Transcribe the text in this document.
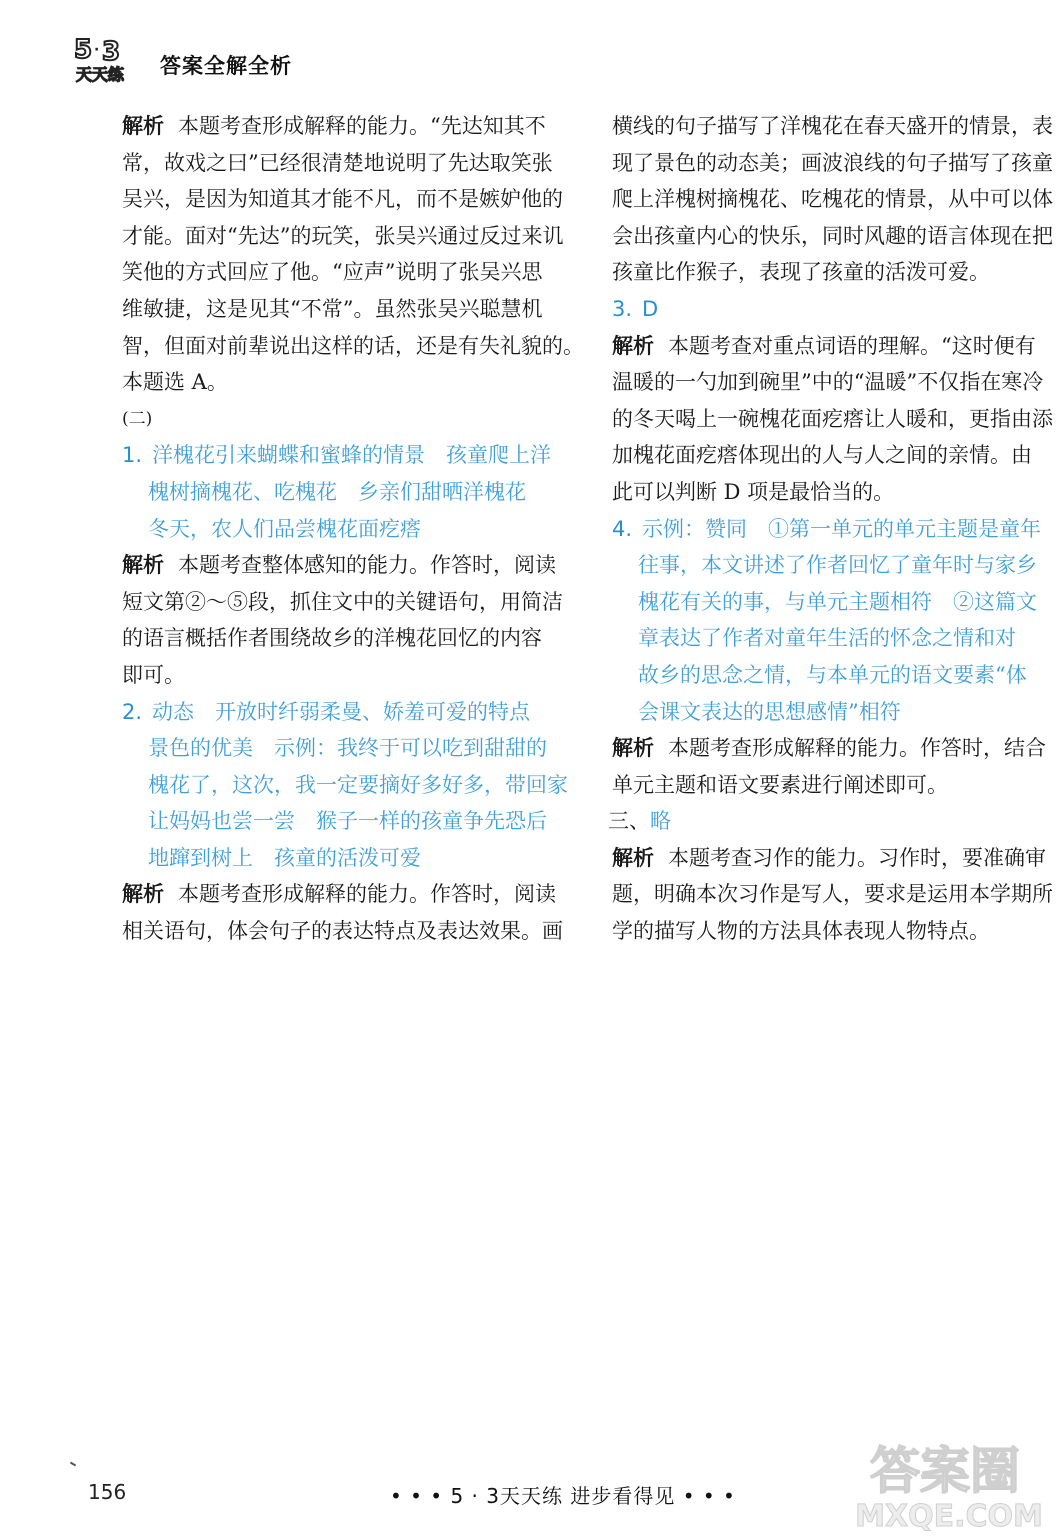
5 · 3
天天练 答案全解全析
解析 本题考查形成解释的能力。“先达知其不
常，故戏之曰”已经很清楚地说明了先达取笑张
吴兴，是因为知道其才能不凡，而不是嫉妒他的
才能。面对“先达”的玩笑，张吴兴通过反过来讥
笑他的方式回应了他。“应声”说明了张吴兴思
维敏捷，这是见其“不常”。虽然张吴兴聪慧机
智，但面对前辈说出这样的话，还是有失礼貌的。
本题选 A。
(二)
1. 洋槐花引来蝴蝶和蜜蜂的情景　孩童爬上洋
槐树摘槐花、吃槐花　乡亲们甜晒洋槐花
冬天，农人们品尝槐花面疙瘩
解析 本题考查整体感知的能力。作答时，阅读
短文第②～⑤段，抓住文中的关键语句，用简洁
的语言概括作者围绕故乡的洋槐花回忆的内容
即可。
2. 动态　开放时纤弱柔曼、娇羞可爱的特点
景色的优美　示例：我终于可以吃到甜甜的
槐花了，这次，我一定要摘好多好多，带回家
让妈妈也尝一尝　猴子一样的孩童争先恐后
地蹿到树上　孩童的活泼可爱
解析 本题考查形成解释的能力。作答时，阅读
相关语句，体会句子的表达特点及表达效果。画
横线的句子描写了洋槐花在春天盛开的情景，表
现了景色的动态美；画波浪线的句子描写了孩童
爬上洋槐树摘槐花、吃槐花的情景，从中可以体
会出孩童内心的快乐，同时风趣的语言体现在把
孩童比作猴子，表现了孩童的活泼可爱。
3. D
解析 本题考查对重点词语的理解。“这时便有
温暖的一勺加到碗里”中的“温暖”不仅指在寒冷
的冬天喝上一碗槐花面疙瘩让人暖和，更指由添
加槐花面疙瘩体现出的人与人之间的亲情。由
此可以判断 D 项是最恰当的。
4. 示例：赞同　①第一单元的单元主题是童年
往事，本文讲述了作者回忆了童年时与家乡
槐花有关的事，与单元主题相符　②这篇文
章表达了作者对童年生活的怀念之情和对
故乡的思念之情，与本单元的语文要素“体
会课文表达的思想感情”相符
解析 本题考查形成解释的能力。作答时，结合
单元主题和语文要素进行阐述即可。
三、略
解析 本题考查习作的能力。习作时，要准确审
题，明确本次习作是写人，要求是运用本学期所
学的描写人物的方法具体表现人物特点。
156	• • • 5 · 3天天练 进步看得见 • • •	答案圈
MXQE.COM
